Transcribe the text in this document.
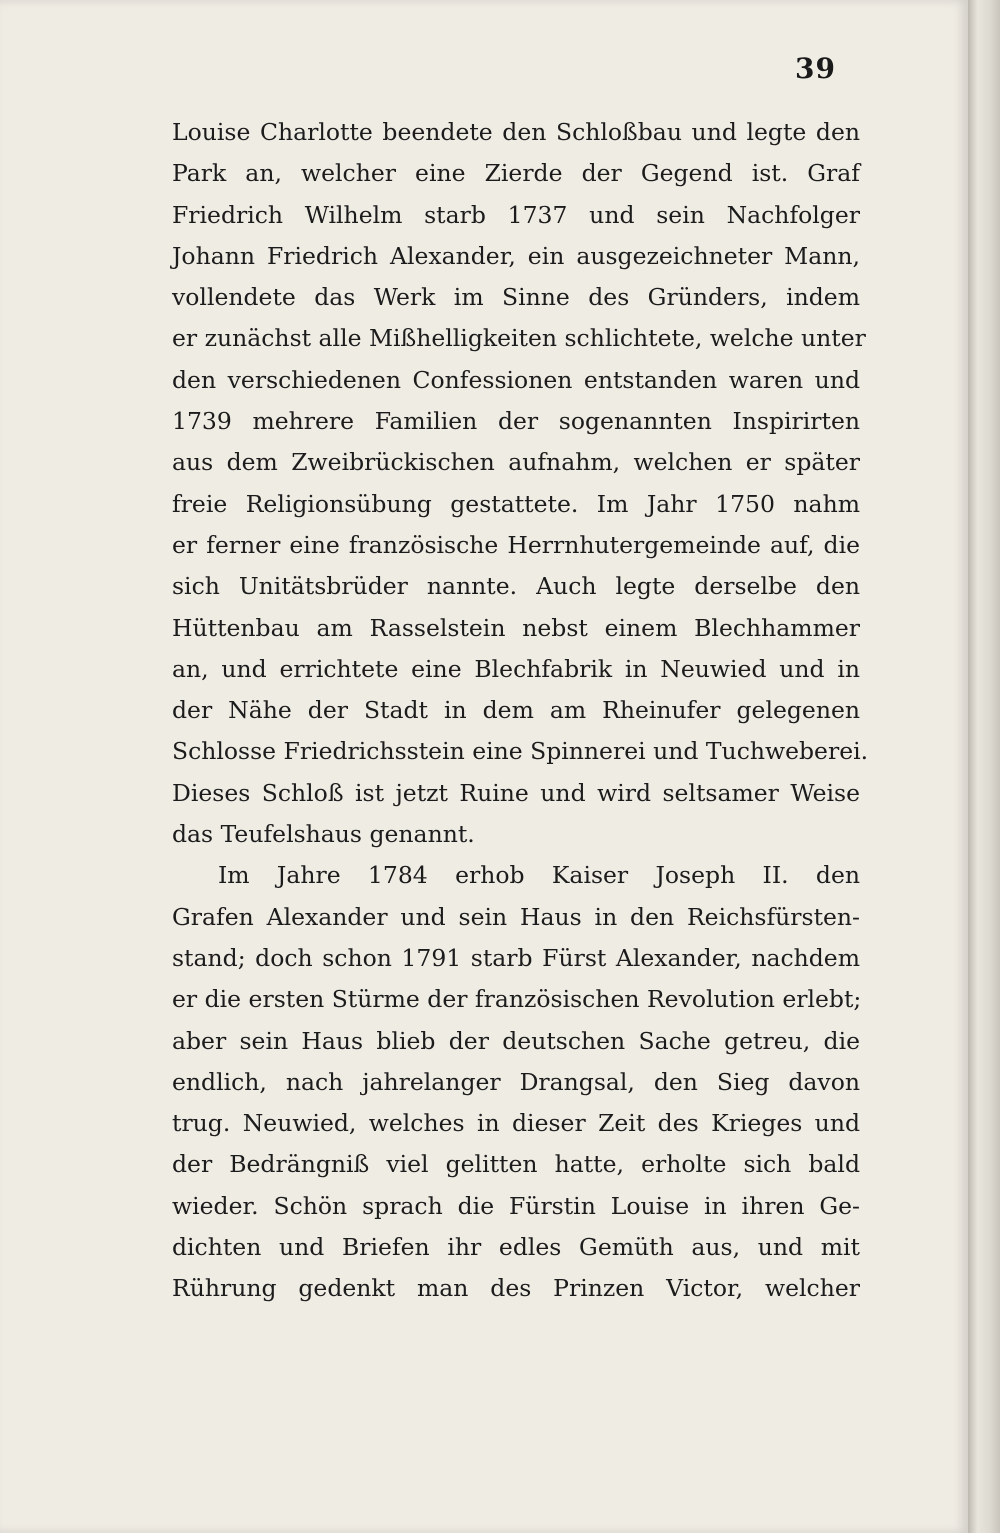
39
Louise Charlotte beendete den Schloßbau und legte den
Park an, welcher eine Zierde der Gegend ist. Graf
Friedrich Wilhelm starb 1737 und sein Nachfolger
Johann Friedrich Alexander, ein ausgezeichneter Mann,
vollendete das Werk im Sinne des Gründers, indem
er zunächst alle Mißhelligkeiten schlichtete, welche unter
den verschiedenen Confessionen entstanden waren und
1739 mehrere Familien der sogenannten Inspirirten
aus dem Zweibrückischen aufnahm, welchen er später
freie Religionsübung gestattete. Im Jahr 1750 nahm
er ferner eine französische Herrnhutergemeinde auf, die
sich Unitätsbrüder nannte. Auch legte derselbe den
Hüttenbau am Rasselstein nebst einem Blechhammer
an, und errichtete eine Blechfabrik in Neuwied und in
der Nähe der Stadt in dem am Rheinufer gelegenen
Schlosse Friedrichsstein eine Spinnerei und Tuchweberei.
Dieses Schloß ist jetzt Ruine und wird seltsamer Weise
das Teufelshaus genannt.
Im Jahre 1784 erhob Kaiser Joseph II. den
Grafen Alexander und sein Haus in den Reichsfürsten-
stand; doch schon 1791 starb Fürst Alexander, nachdem
er die ersten Stürme der französischen Revolution erlebt;
aber sein Haus blieb der deutschen Sache getreu, die
endlich, nach jahrelanger Drangsal, den Sieg davon
trug. Neuwied, welches in dieser Zeit des Krieges und
der Bedrängniß viel gelitten hatte, erholte sich bald
wieder. Schön sprach die Fürstin Louise in ihren Ge-
dichten und Briefen ihr edles Gemüth aus, und mit
Rührung gedenkt man des Prinzen Victor, welcher
